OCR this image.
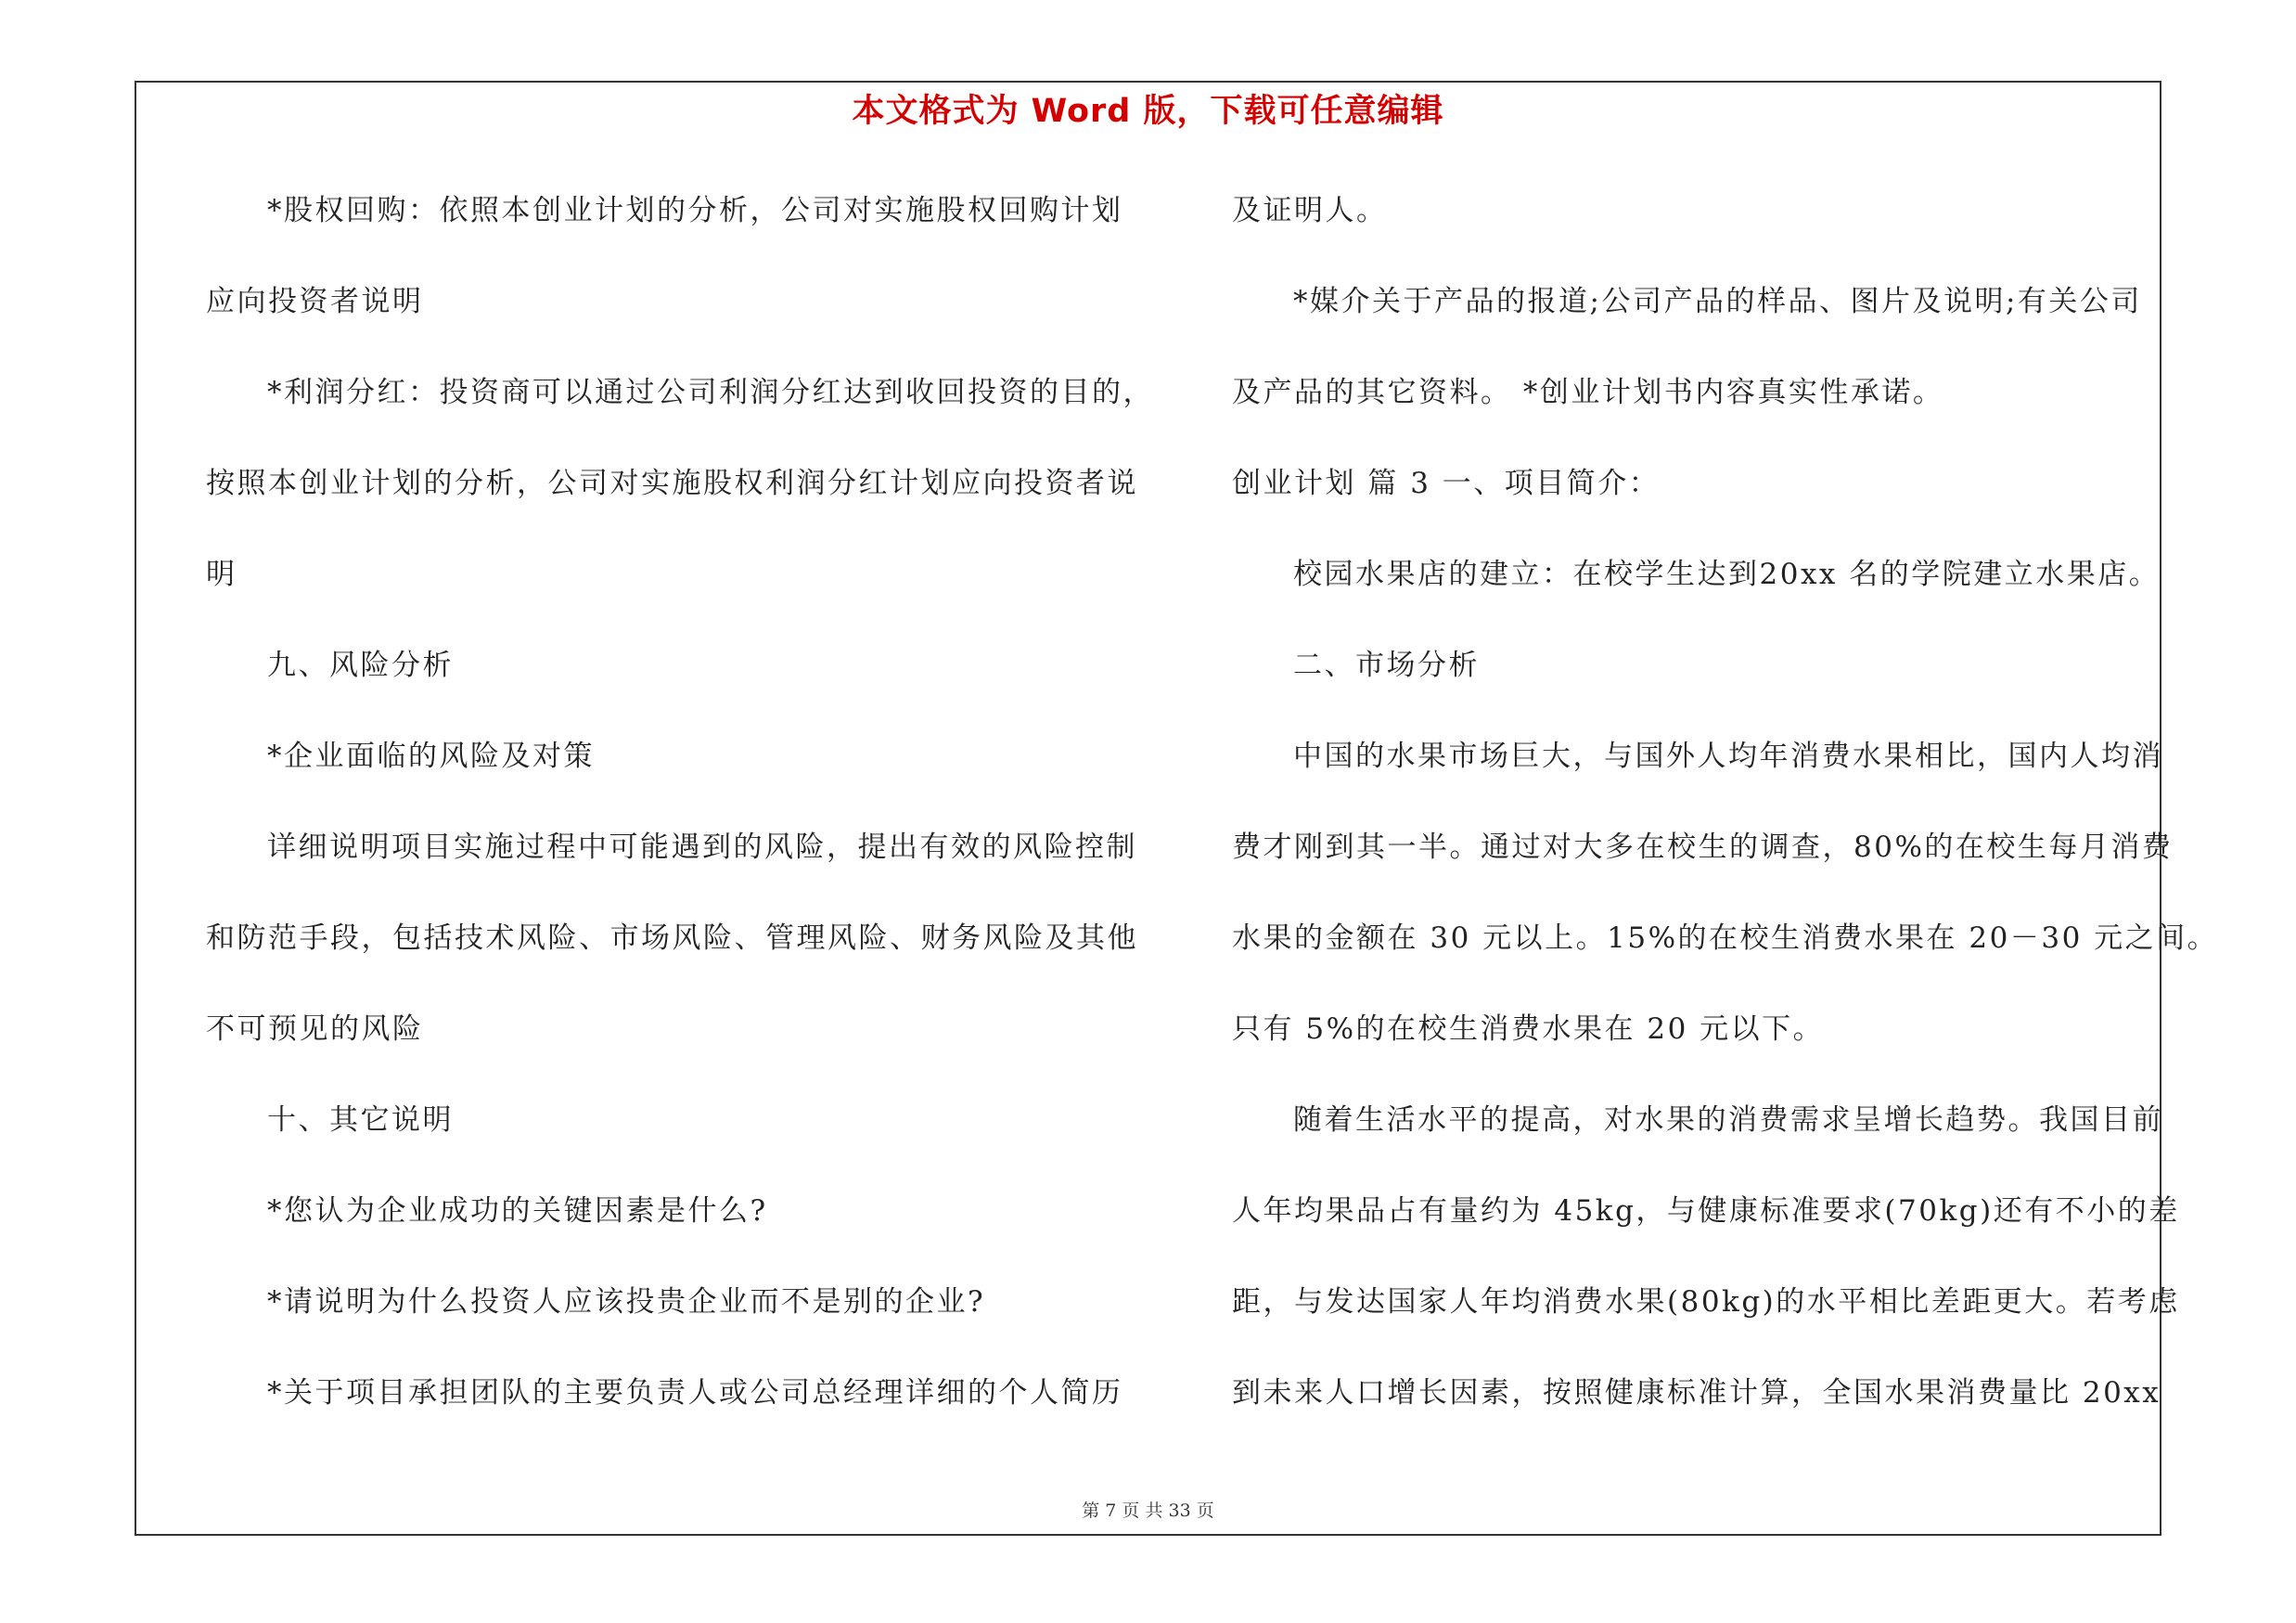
本文格式为 Word 版，下载可任意编辑
*股权回购：依照本创业计划的分析，公司对实施股权回购计划
应向投资者说明
*利润分红：投资商可以通过公司利润分红达到收回投资的目的，
按照本创业计划的分析，公司对实施股权利润分红计划应向投资者说
明
九、风险分析
*企业面临的风险及对策
详细说明项目实施过程中可能遇到的风险，提出有效的风险控制
和防范手段，包括技术风险、市场风险、管理风险、财务风险及其他
不可预见的风险
十、其它说明
*您认为企业成功的关键因素是什么?
*请说明为什么投资人应该投贵企业而不是别的企业?
*关于项目承担团队的主要负责人或公司总经理详细的个人简历
及证明人。
*媒介关于产品的报道;公司产品的样品、图片及说明;有关公司
及产品的其它资料。 *创业计划书内容真实性承诺。
创业计划 篇 3 一、项目简介：
校园水果店的建立：在校学生达到20xx 名的学院建立水果店。
二、市场分析
中国的水果市场巨大，与国外人均年消费水果相比，国内人均消
费才刚到其一半。通过对大多在校生的调查，80%的在校生每月消费
水果的金额在 30 元以上。15%的在校生消费水果在 20－30 元之间。
只有 5%的在校生消费水果在 20 元以下。
随着生活水平的提高，对水果的消费需求呈增长趋势。我国目前
人年均果品占有量约为 45kg，与健康标准要求(70kg)还有不小的差
距，与发达国家人年均消费水果(80kg)的水平相比差距更大。若考虑
到未来人口增长因素，按照健康标准计算，全国水果消费量比 20xx
第 7 页 共 33 页
